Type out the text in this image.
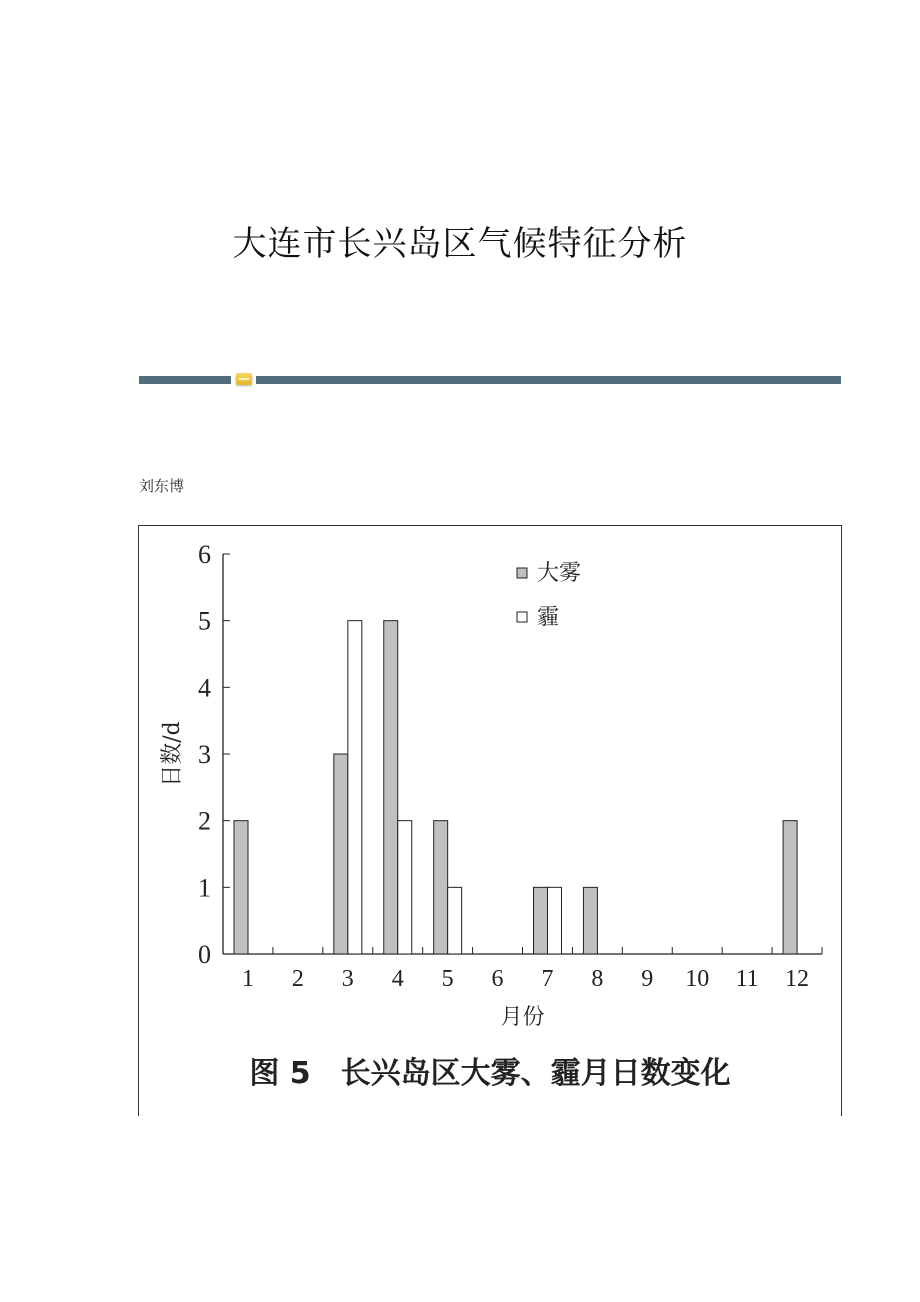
大连市长兴岛区气候特征分析
刘东博
0
1
2
3
4
5
6
1 2 3 4 5 6 7 8 9 10 11 12
大雾
霾
月份
日数/d
图 5　长兴岛区大雾、霾月日数变化
